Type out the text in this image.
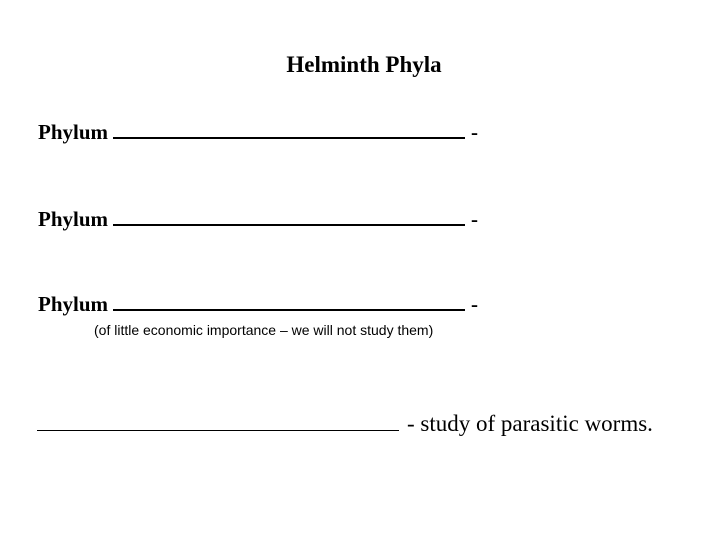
Helminth Phyla
Phylum	-
Phylum	-
Phylum	-
(of little economic importance – we will not study them)
- study of parasitic worms.
